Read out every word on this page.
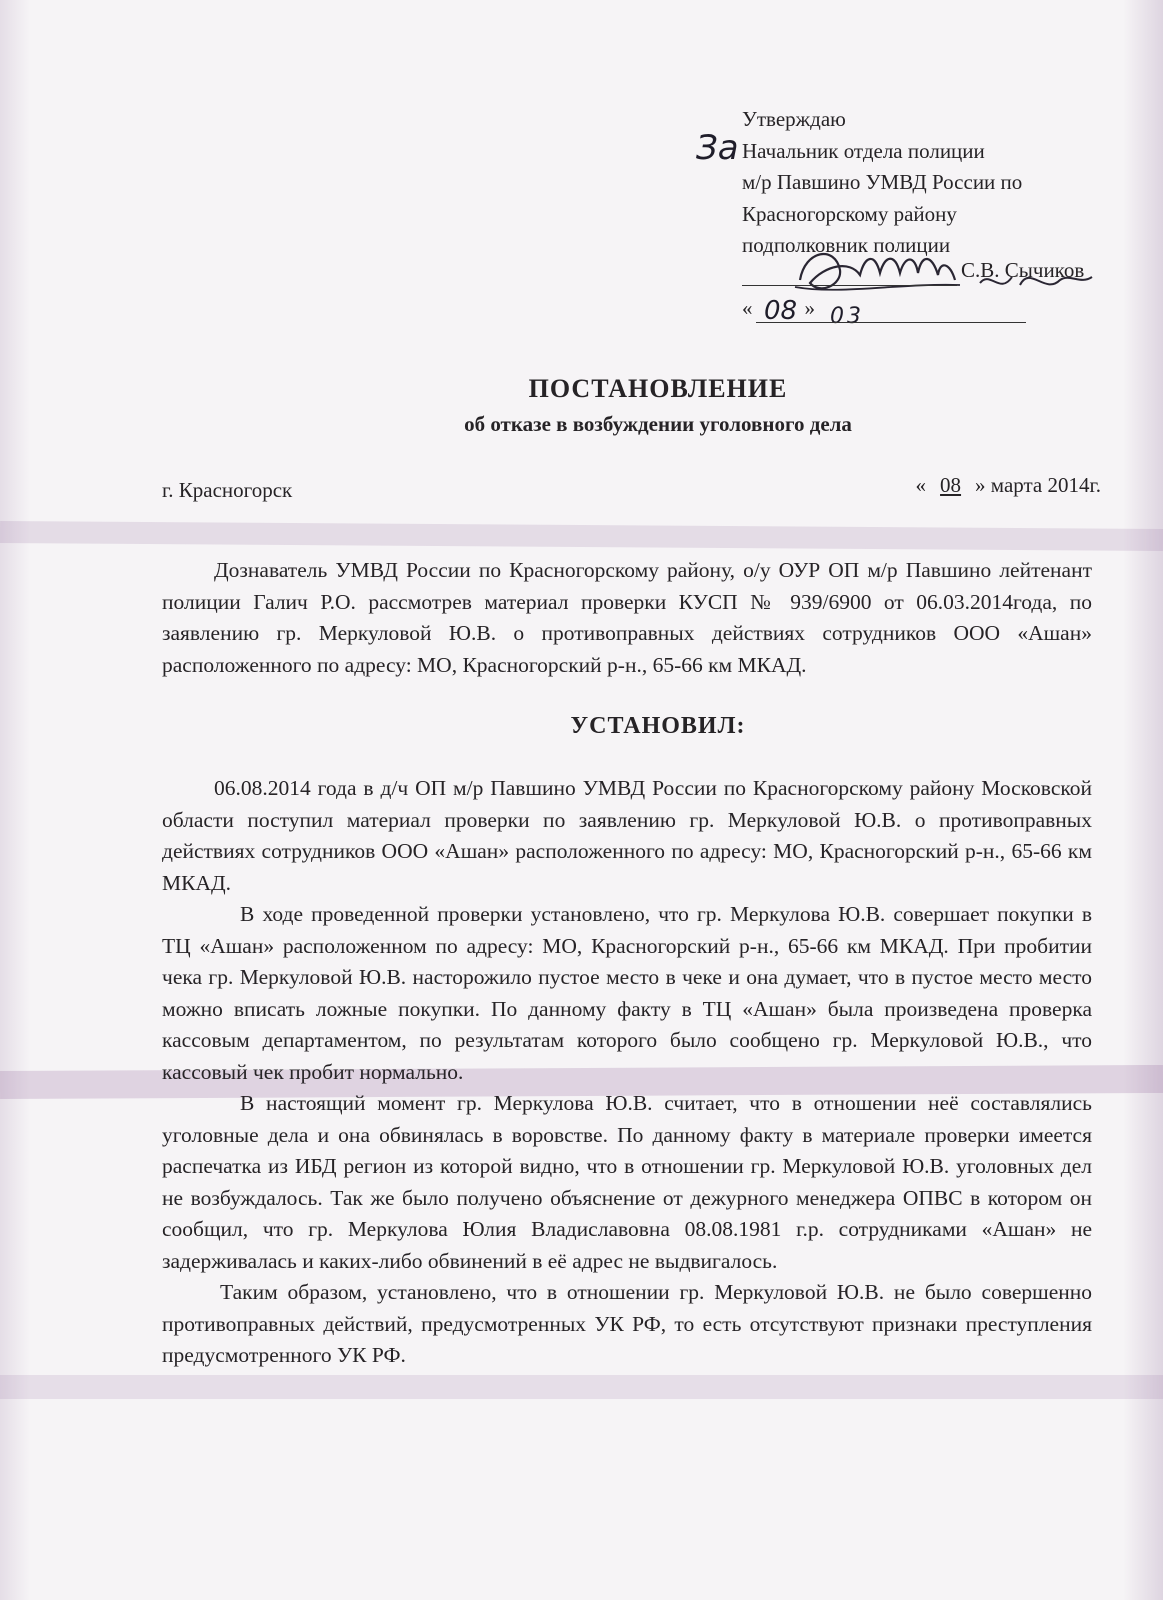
Утверждаю
Начальник отдела полиции
м/р Павшино УМВД России по
Красногорскому району
подполковник полиции
За
С.В. Сычиков
« »
08 03
ПОСТАНОВЛЕНИЕ
об отказе в возбуждении уголовного дела
г. Красногорск	« 08 » марта 2014г.

Дознаватель УМВД России по Красногорскому району, о/у ОУР ОП м/р Павшино лейтенант полиции Галич Р.О. рассмотрев материал проверки КУСП № 939/6900 от 06.03.2014года, по заявлению гр. Меркуловой Ю.В. о противоправных действиях сотрудников ООО «Ашан» расположенного по адресу: МО, Красногорский р-н., 65-66 км МКАД.

УСТАНОВИЛ:

06.08.2014 года в д/ч ОП м/р Павшино УМВД России по Красногорскому району Московской области поступил материал проверки по заявлению гр. Меркуловой Ю.В. о противоправных действиях сотрудников ООО «Ашан» расположенного по адресу: МО, Красногорский р-н., 65-66 км МКАД.

В ходе проведенной проверки установлено, что гр. Меркулова Ю.В. совершает покупки в ТЦ «Ашан» расположенном по адресу: МО, Красногорский р-н., 65-66 км МКАД. При пробитии чека гр. Меркуловой Ю.В. насторожило пустое место в чеке и она думает, что в пустое место место можно вписать ложные покупки. По данному факту в ТЦ «Ашан» была произведена проверка кассовым департаментом, по результатам которого было сообщено гр. Меркуловой Ю.В., что кассовый чек пробит нормально.

В настоящий момент гр. Меркулова Ю.В. считает, что в отношении неё составлялись уголовные дела и она обвинялась в воровстве. По данному факту в материале проверки имеется распечатка из ИБД регион из которой видно, что в отношении гр. Меркуловой Ю.В. уголовных дел не возбуждалось. Так же было получено объяснение от дежурного менеджера ОПВС в котором он сообщил, что гр. Меркулова Юлия Владиславовна 08.08.1981 г.р. сотрудниками «Ашан» не задерживалась и каких-либо обвинений в её адрес не выдвигалось.

Таким образом, установлено, что в отношении гр. Меркуловой Ю.В. не было совершенно противоправных действий, предусмотренных УК РФ, то есть отсутствуют признаки преступления предусмотренного УК РФ.
